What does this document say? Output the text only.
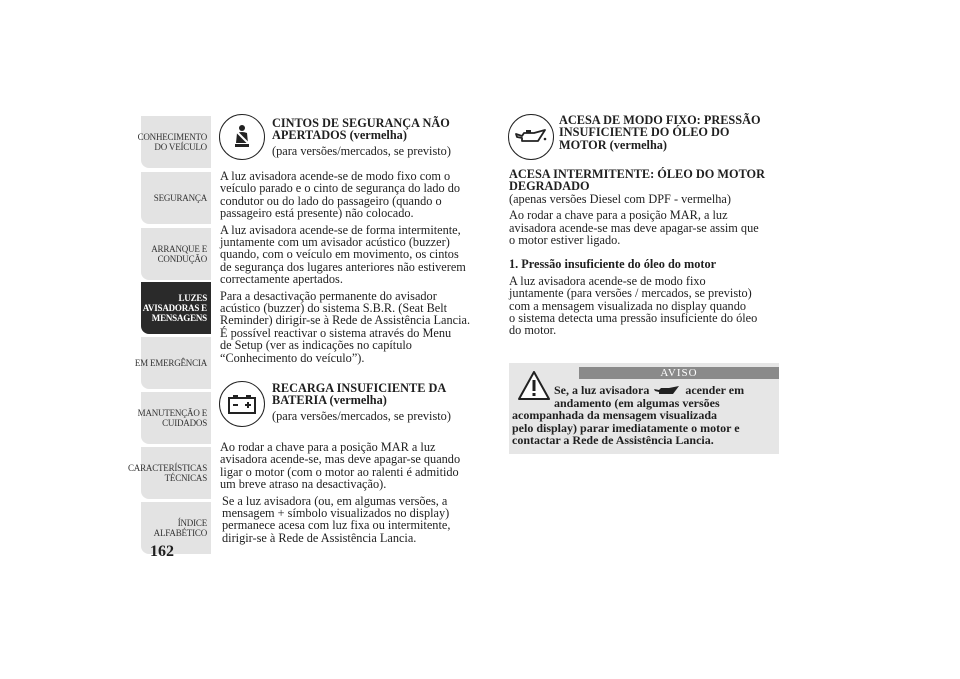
CONHECIMENTO
DO VEÍCULO
SEGURANÇA
ARRANQUE E
CONDUÇÃO
LUZES
AVISADORAS E
MENSAGENS
EM EMERGÊNCIA
MANUTENÇÃO E
CUIDADOS
CARACTERÍSTICAS
TÉCNICAS
ÍNDICE
ALFABÉTICO
162

CINTOS DE SEGURANÇA NÃO

APERTADOS (vermelha)

(para versões/mercados, se previsto)

A luz avisadora acende-se de modo fixo com o

veículo parado e o cinto de segurança do lado do

condutor ou do lado do passageiro (quando o

passageiro está presente) não colocado.

A luz avisadora acende-se de forma intermitente,

juntamente com um avisador acústico (buzzer)

quando, com o veículo em movimento, os cintos

de segurança dos lugares anteriores não estiverem

correctamente apertados.

Para a desactivação permanente do avisador

acústico (buzzer) do sistema S.B.R. (Seat Belt

Reminder) dirigir-se à Rede de Assistência Lancia.

É possível reactivar o sistema através do Menu

de Setup (ver as indicações no capítulo

“Conhecimento do veículo”).

RECARGA INSUFICIENTE DA

BATERIA (vermelha)

(para versões/mercados, se previsto)

Ao rodar a chave para a posição MAR a luz

avisadora acende-se, mas deve apagar-se quando

ligar o motor (com o motor ao ralenti é admitido

um breve atraso na desactivação).

Se a luz avisadora (ou, em algumas versões, a

mensagem + símbolo visualizados no display)

permanece acesa com luz fixa ou intermitente,

dirigir-se à Rede de Assistência Lancia.

ACESA DE MODO FIXO: PRESSÃO

INSUFICIENTE DO ÓLEO DO

MOTOR (vermelha)

ACESA INTERMITENTE: ÓLEO DO MOTOR

DEGRADADO

(apenas versões Diesel com DPF - vermelha)

Ao rodar a chave para a posição MAR, a luz

avisadora acende-se mas deve apagar-se assim que

o motor estiver ligado.

1. Pressão insuficiente do óleo do motor

A luz avisadora acende-se de modo fixo

juntamente (para versões / mercados, se previsto)

com a mensagem visualizada no display quando

o sistema detecta uma pressão insuficiente do óleo

do motor.

AVISO
Se, a luz avisadora	acender em
andamento (em algumas versões
acompanhada da mensagem visualizada
pelo display) parar imediatamente o motor e
contactar a Rede de Assistência Lancia.
